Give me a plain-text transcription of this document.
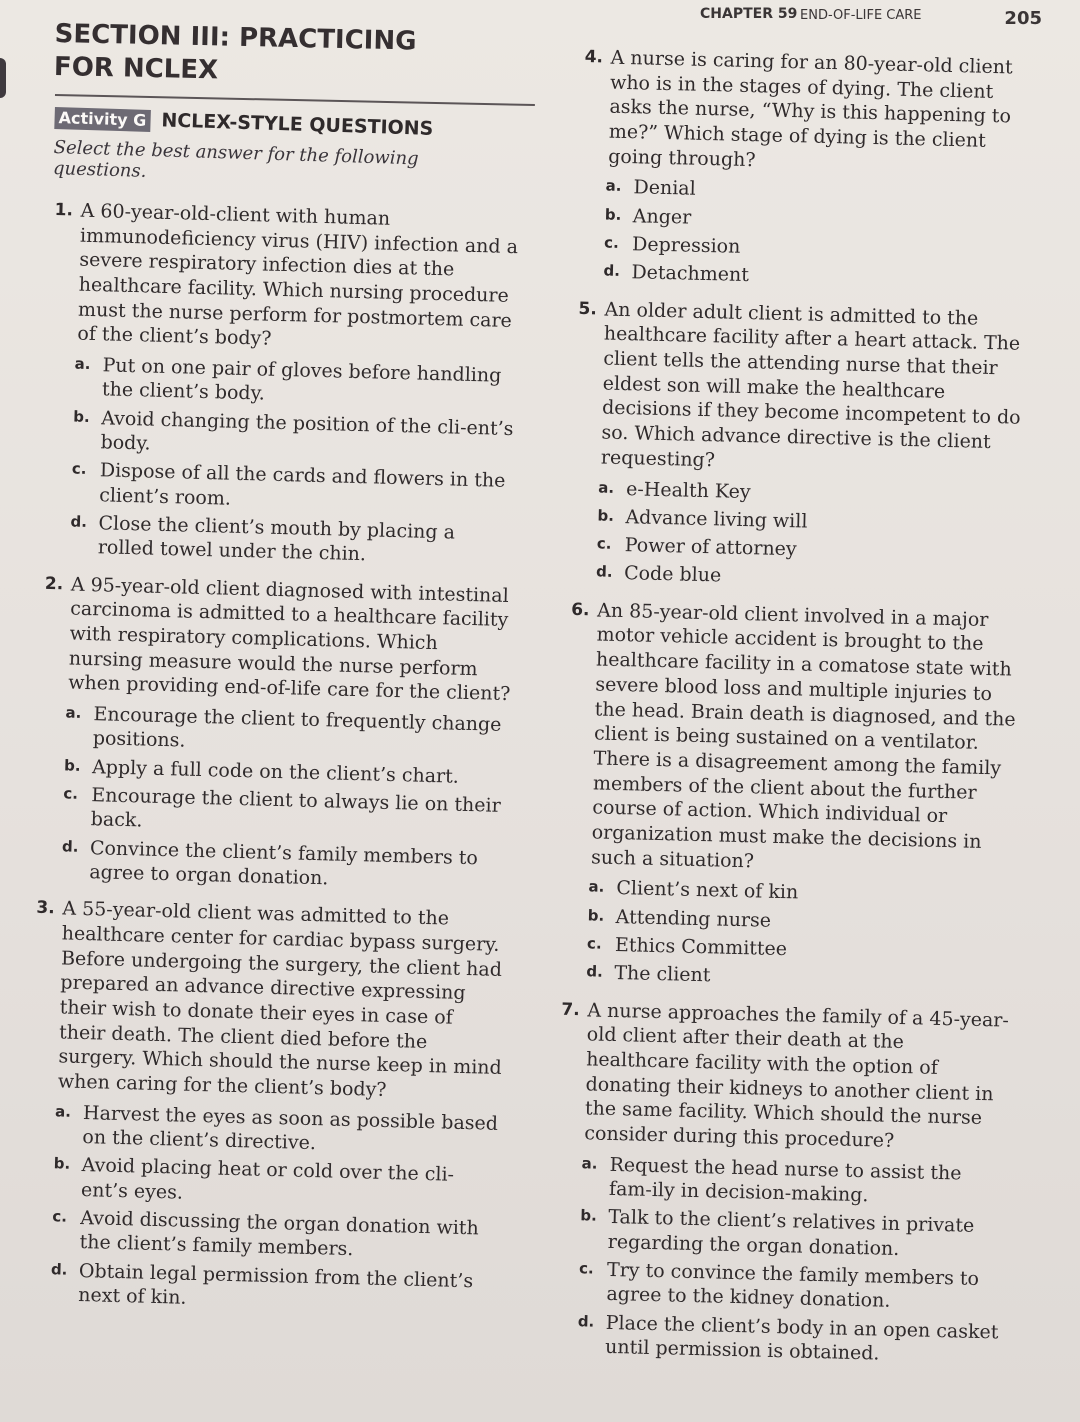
CHAPTER 59 END-OF-LIFE CARE	205
SECTION III: PRACTICING FOR NCLEX
Activity G NCLEX-STYLE QUESTIONS
Select the best answer for the following questions.
1. A 60-year-old-client with human immunodeficiency virus (HIV) infection and a severe respiratory infection dies at the healthcare facility. Which nursing procedure must the nurse perform for postmortem care of the client’s body?
a. Put on one pair of gloves before handling the client’s body.
b. Avoid changing the position of the cli-ent’s body.
c. Dispose of all the cards and flowers in the client’s room.
d. Close the client’s mouth by placing a rolled towel under the chin.
2. A 95-year-old client diagnosed with intestinal carcinoma is admitted to a healthcare facility with respiratory complications. Which nursing measure would the nurse perform when providing end-of-life care for the client?
a. Encourage the client to frequently change positions.
b. Apply a full code on the client’s chart.
c. Encourage the client to always lie on their back.
d. Convince the client’s family members to agree to organ donation.
3. A 55-year-old client was admitted to the healthcare center for cardiac bypass surgery. Before undergoing the surgery, the client had prepared an advance directive expressing their wish to donate their eyes in case of their death. The client died before the surgery. Which should the nurse keep in mind when caring for the client’s body?
a. Harvest the eyes as soon as possible based on the client’s directive.
b. Avoid placing heat or cold over the cli-ent’s eyes.
c. Avoid discussing the organ donation with the client’s family members.
d. Obtain legal permission from the client’s next of kin.
4. A nurse is caring for an 80-year-old client who is in the stages of dying. The client asks the nurse, “Why is this happening to me?” Which stage of dying is the client going through?
a. Denial
b. Anger
c. Depression
d. Detachment
5. An older adult client is admitted to the healthcare facility after a heart attack. The client tells the attending nurse that their eldest son will make the healthcare decisions if they become incompetent to do so. Which advance directive is the client requesting?
a. e-Health Key
b. Advance living will
c. Power of attorney
d. Code blue
6. An 85-year-old client involved in a major motor vehicle accident is brought to the healthcare facility in a comatose state with severe blood loss and multiple injuries to the head. Brain death is diagnosed, and the client is being sustained on a ventilator. There is a disagreement among the family members of the client about the further course of action. Which individual or organization must make the decisions in such a situation?
a. Client’s next of kin
b. Attending nurse
c. Ethics Committee
d. The client
7. A nurse approaches the family of a 45-year-old client after their death at the healthcare facility with the option of donating their kidneys to another client in the same facility. Which should the nurse consider during this procedure?
a. Request the head nurse to assist the fam-ily in decision-making.
b. Talk to the client’s relatives in private regarding the organ donation.
c. Try to convince the family members to agree to the kidney donation.
d. Place the client’s body in an open casket until permission is obtained.
